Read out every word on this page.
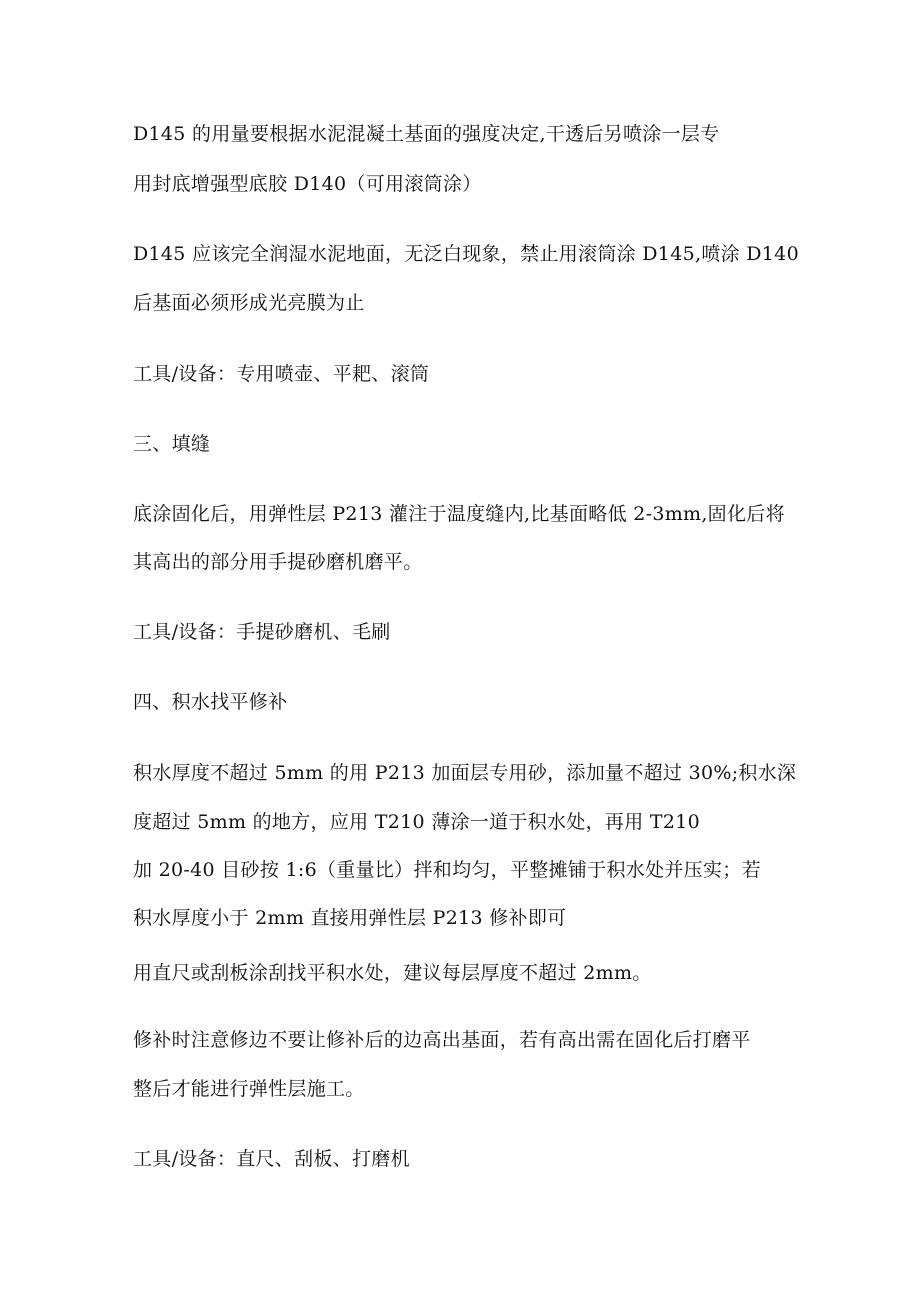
D145 的用量要根据水泥混凝土基面的强度决定,干透后另喷涂一层专
用封底增强型底胶 D140（可用滚筒涂）
D145 应该完全润湿水泥地面，无泛白现象，禁止用滚筒涂 D145,喷涂 D140
后基面必须形成光亮膜为止
工具/设备：专用喷壶、平耙、滚筒
三、填缝
底涂固化后，用弹性层 P213 灌注于温度缝内,比基面略低 2-3mm,固化后将
其高出的部分用手提砂磨机磨平。
工具/设备：手提砂磨机、毛刷
四、积水找平修补
积水厚度不超过 5mm 的用 P213 加面层专用砂，添加量不超过 30%;积水深
度超过 5mm 的地方，应用 T210 薄涂一道于积水处，再用 T210
加 20-40 目砂按 1:6（重量比）拌和均匀，平整摊铺于积水处并压实；若
积水厚度小于 2mm 直接用弹性层 P213 修补即可
用直尺或刮板涂刮找平积水处，建议每层厚度不超过 2mm。
修补时注意修边不要让修补后的边高出基面，若有高出需在固化后打磨平
整后才能进行弹性层施工。
工具/设备：直尺、刮板、打磨机
